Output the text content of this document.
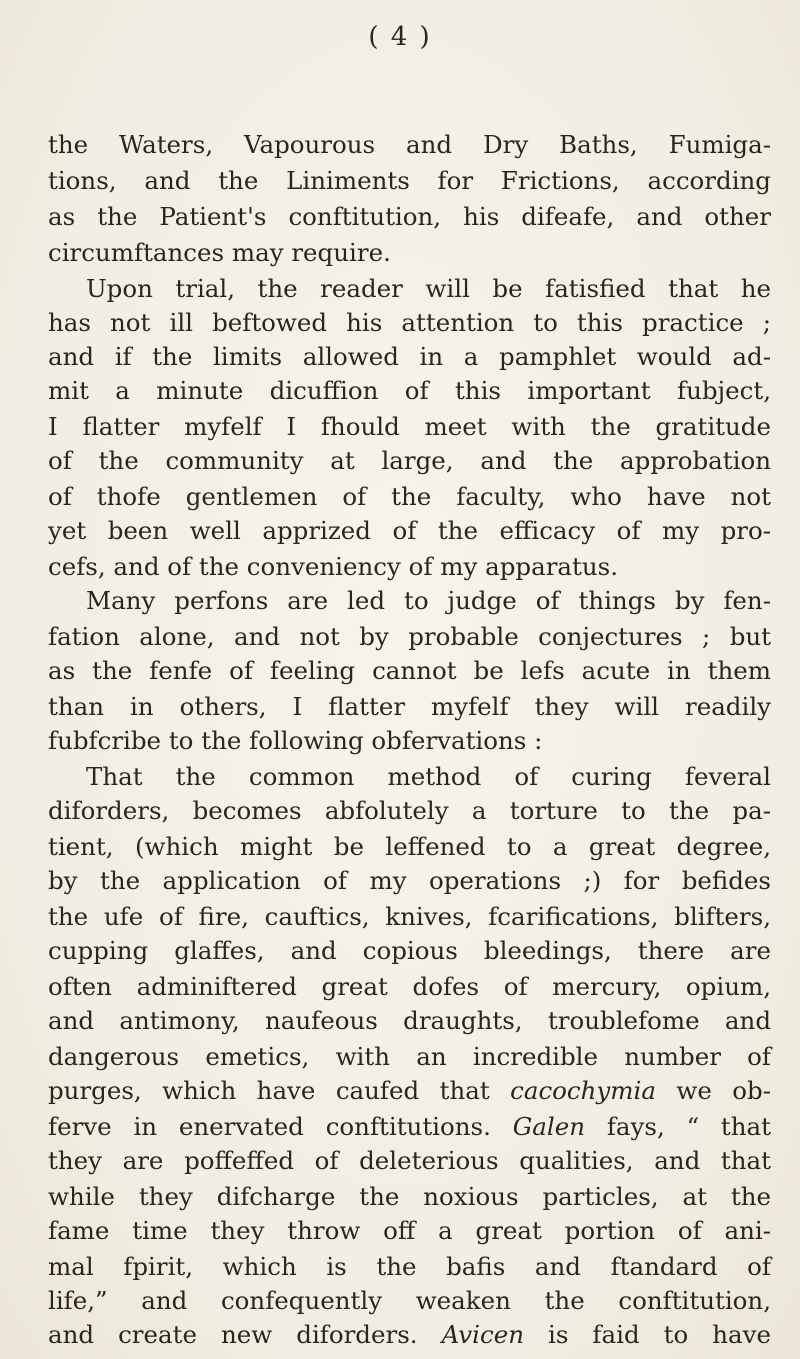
( 4 )
the Waters, Vapourous and Dry Baths, Fumiga-
tions, and the Liniments for Frictions, according
as the Patient's conftitution, his difeafe, and other
circumftances may require.
Upon trial, the reader will be fatisfied that he
has not ill beftowed his attention to this practice ;
and if the limits allowed in a pamphlet would ad-
mit a minute dicuffion of this important fubject,
I flatter myfelf I fhould meet with the gratitude
of the community at large, and the approbation
of thofe gentlemen of the faculty, who have not
yet been well apprized of the efficacy of my pro-
cefs, and of the conveniency of my apparatus.
Many perfons are led to judge of things by fen-
fation alone, and not by probable conjectures ; but
as the fenfe of feeling cannot be lefs acute in them
than in others, I flatter myfelf they will readily
fubfcribe to the following obfervations :
That the common method of curing feveral
diforders, becomes abfolutely a torture to the pa-
tient, (which might be leffened to a great degree,
by the application of my operations ;) for befides
the ufe of fire, cauftics, knives, fcarifications, blifters,
cupping glaffes, and copious bleedings, there are
often adminiftered great dofes of mercury, opium,
and antimony, naufeous draughts, troublefome and
dangerous emetics, with an incredible number of
purges, which have caufed that cacochymia we ob-
ferve in enervated conftitutions. Galen fays, “ that
they are poffeffed of deleterious qualities, and that
while they difcharge the noxious particles, at the
fame time they throw off a great portion of ani-
mal fpirit, which is the bafis and ftandard of
life,” and confequently weaken the conftitution,
and create new diforders. Avicen is faid to have
